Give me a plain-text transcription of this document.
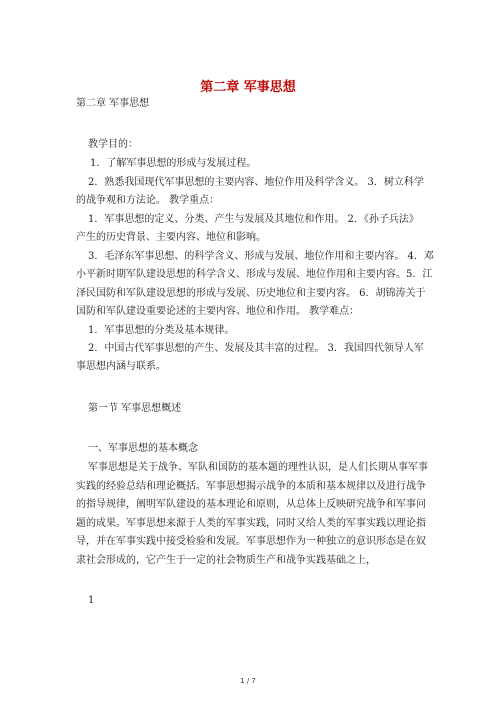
第二章 军事思想

第二章 军事思想

教学目的：

1．了解军事思想的形成与发展过程。

2．熟悉我国现代军事思想的主要内容、地位作用及科学含义。 3．树立科学

的战争观和方法论。 教学重点：

1．军事思想的定义、分类、产生与发展及其地位和作用。 2．《孙子兵法》

产生的历史背景、主要内容、地位和影响。

3．毛泽东军事思想、的科学含义、形成与发展、地位作用和主要内容。 4．邓

小平新时期军队建设思想的科学含义、形成与发展、地位作用和主要内容。5．江

泽民国防和军队建设思想的形成与发展、历史地位和主要内容。 6．胡锦涛关于

国防和军队建设重要论述的主要内容、地位和作用。 教学难点：

1．军事思想的分类及基本规律。

2．中国古代军事思想的产生、发展及其丰富的过程。 3．我国四代领导人军

事思想内涵与联系。

第一节 军事思想概述

一、军事思想的基本概念

军事思想是关于战争、军队和国防的基本题的理性认识，是人们长期从事军事

实践的经验总结和理论概括。军事思想揭示战争的本质和基本规律以及进行战争

的指导规律，阐明军队建设的基本理论和原则，从总体上反映研究战争和军事问

题的成果。军事思想来源于人类的军事实践，同时又给人类的军事实践以理论指

导，并在军事实践中接受检验和发展。军事思想作为一种独立的意识形态是在奴

隶社会形成的，它产生于一定的社会物质生产和战争实践基础之上，

1

1 / 7
